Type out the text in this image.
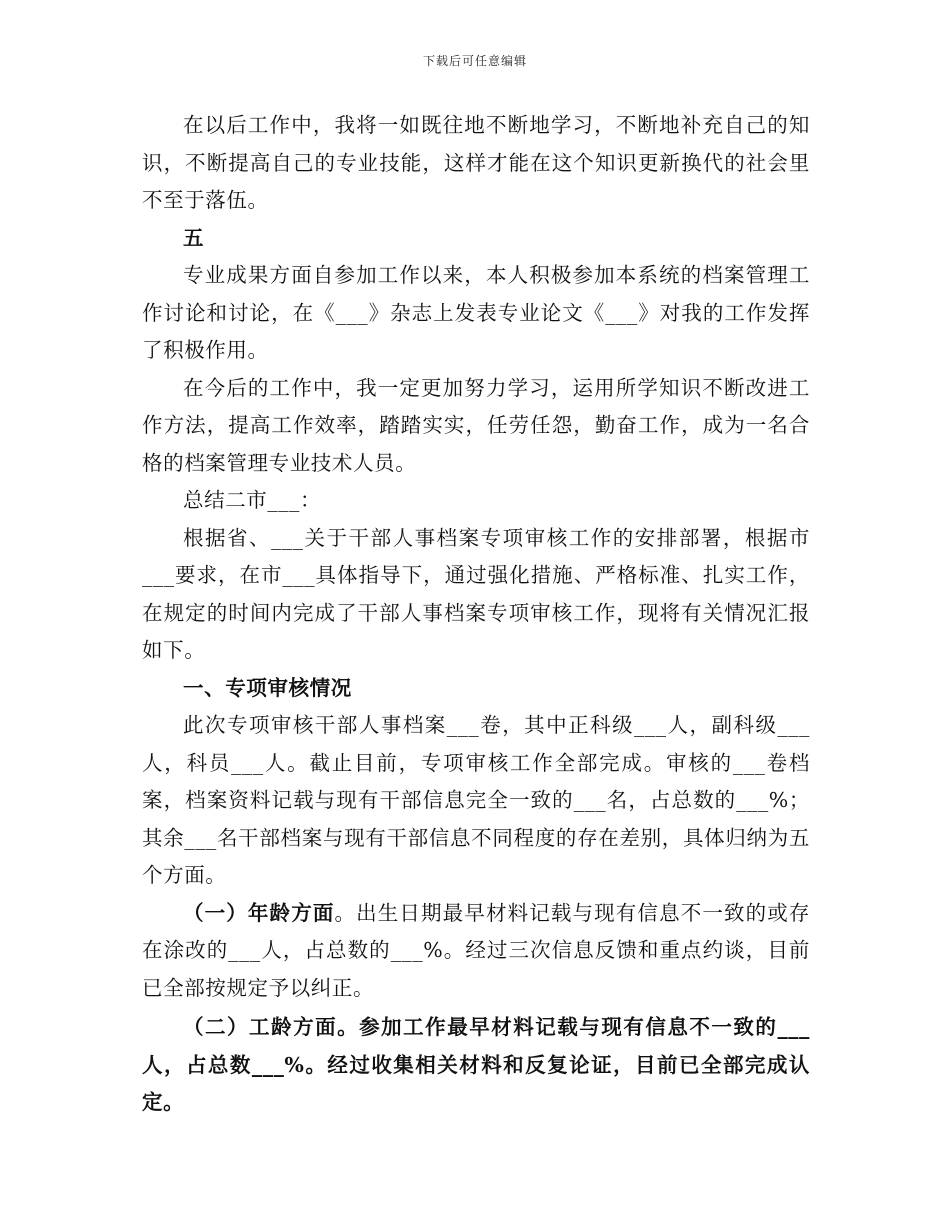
下载后可任意编辑

在以后工作中，我将一如既往地不断地学习，不断地补充自己的知识，不断提高自己的专业技能，这样才能在这个知识更新换代的社会里不至于落伍。

五

专业成果方面自参加工作以来，本人积极参加本系统的档案管理工作讨论和讨论，在《___》杂志上发表专业论文《___》对我的工作发挥了积极作用。

在今后的工作中，我一定更加努力学习，运用所学知识不断改进工作方法，提高工作效率，踏踏实实，任劳任怨，勤奋工作，成为一名合格的档案管理专业技术人员。

总结二市___：

根据省、___关于干部人事档案专项审核工作的安排部署，根据市___要求，在市___具体指导下，通过强化措施、严格标准、扎实工作，在规定的时间内完成了干部人事档案专项审核工作，现将有关情况汇报如下。

一、专项审核情况

此次专项审核干部人事档案___卷，其中正科级___人，副科级___人，科员___人。截止目前，专项审核工作全部完成。审核的___卷档案，档案资料记载与现有干部信息完全一致的___名，占总数的___%；其余___名干部档案与现有干部信息不同程度的存在差别，具体归纳为五个方面。

（一）年龄方面。出生日期最早材料记载与现有信息不一致的或存在涂改的___人，占总数的___%。经过三次信息反馈和重点约谈，目前已全部按规定予以纠正。

（二）工龄方面。参加工作最早材料记载与现有信息不一致的___人，占总数___%。经过收集相关材料和反复论证，目前已全部完成认定。
